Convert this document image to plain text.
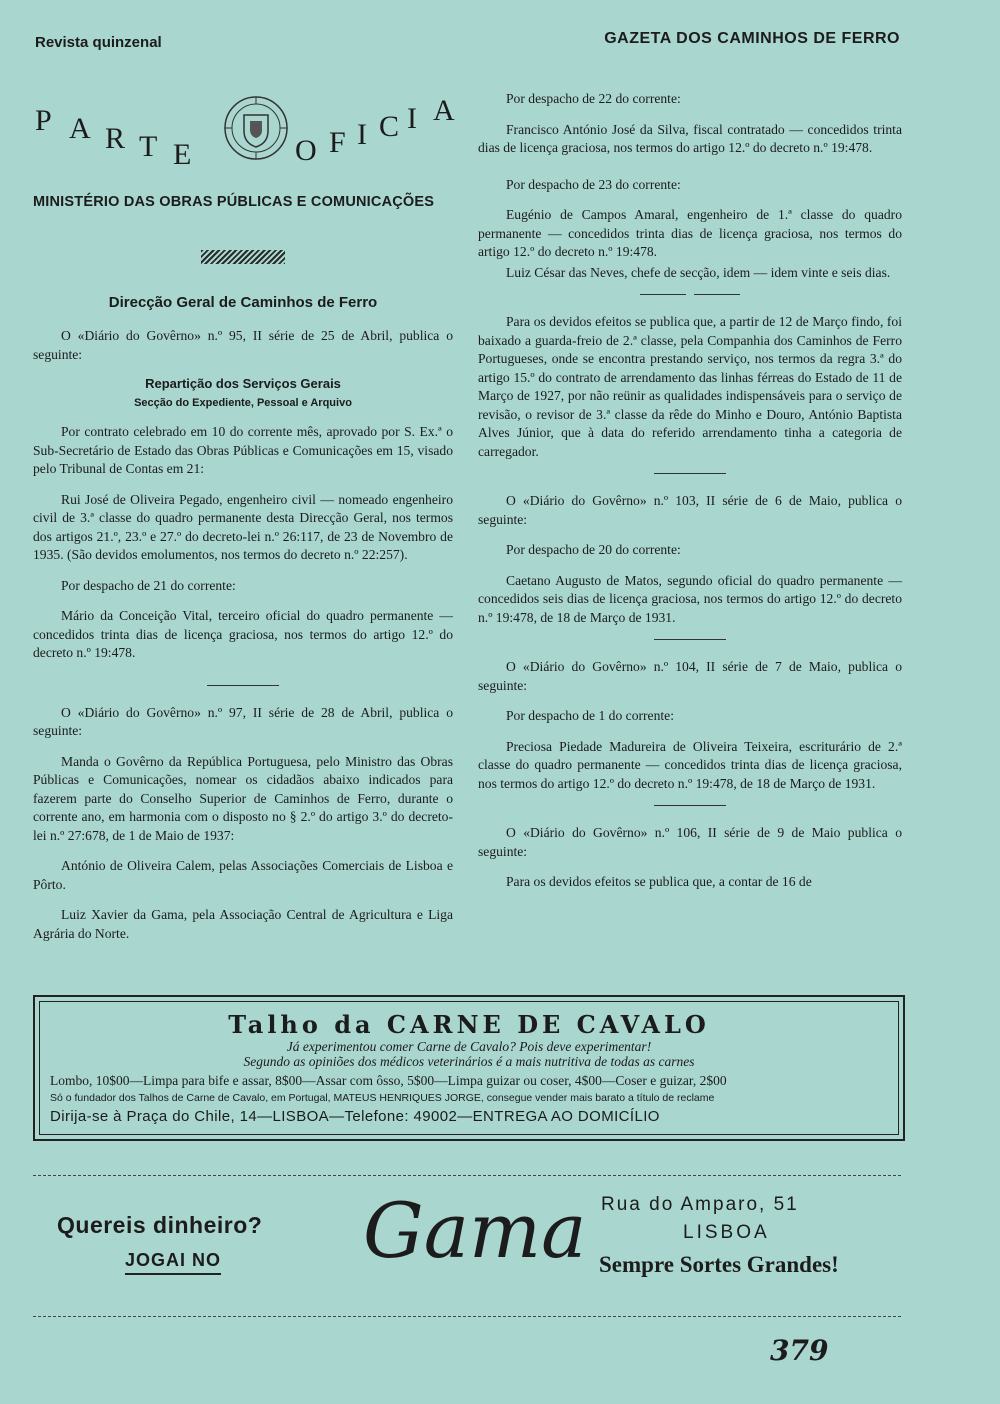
Revista quinzenal	GAZETA DOS CAMINHOS DE FERRO
P A R T E	O F I C I A
MINISTÉRIO DAS OBRAS PÚBLICAS E COMUNICAÇÕES
Direcção Geral de Caminhos de Ferro

O «Diário do Govêrno» n.º 95, II série de 25 de Abril, publica o seguinte:

Repartição dos Serviços Gerais
Secção do Expediente, Pessoal e Arquivo

Por contrato celebrado em 10 do corrente mês, aprovado por S. Ex.ª o Sub-Secretário de Estado das Obras Públicas e Comunicações em 15, visado pelo Tribunal de Contas em 21:

Rui José de Oliveira Pegado, engenheiro civil — nomeado engenheiro civil de 3.ª classe do quadro permanente desta Direcção Geral, nos termos dos artigos 21.º, 23.º e 27.º do decreto-lei n.º 26:117, de 23 de Novembro de 1935. (São devidos emolumentos, nos termos do decreto n.º 22:257).

Por despacho de 21 do corrente:

Mário da Conceição Vital, terceiro oficial do quadro permanente — concedidos trinta dias de licença graciosa, nos termos do artigo 12.º do decreto n.º 19:478.

O «Diário do Govêrno» n.º 97, II série de 28 de Abril, publica o seguinte:

Manda o Govêrno da República Portuguesa, pelo Ministro das Obras Públicas e Comunicações, nomear os cidadãos abaixo indicados para fazerem parte do Conselho Superior de Caminhos de Ferro, durante o corrente ano, em harmonia com o disposto no § 2.º do artigo 3.º do decreto-lei n.º 27:678, de 1 de Maio de 1937:

António de Oliveira Calem, pelas Associações Comerciais de Lisboa e Pôrto.

Luiz Xavier da Gama, pela Associação Central de Agricultura e Liga Agrária do Norte.

Por despacho de 22 do corrente:

Francisco António José da Silva, fiscal contratado — concedidos trinta dias de licença graciosa, nos termos do artigo 12.º do decreto n.º 19:478.

Por despacho de 23 do corrente:

Eugénio de Campos Amaral, engenheiro de 1.ª classe do quadro permanente — concedidos trinta dias de licença graciosa, nos termos do artigo 12.º do decreto n.º 19:478.

Luiz César das Neves, chefe de secção, idem — idem vinte e seis dias.

Para os devidos efeitos se publica que, a partir de 12 de Março findo, foi baixado a guarda-freio de 2.ª classe, pela Companhia dos Caminhos de Ferro Portugueses, onde se encontra prestando serviço, nos termos da regra 3.ª do artigo 15.º do contrato de arrendamento das linhas férreas do Estado de 11 de Março de 1927, por não reünir as qualidades indispensáveis para o serviço de revisão, o revisor de 3.ª classe da rêde do Minho e Douro, António Baptista Alves Júnior, que à data do referido arrendamento tinha a categoria de carregador.

O «Diário do Govêrno» n.º 103, II série de 6 de Maio, publica o seguinte:

Por despacho de 20 do corrente:

Caetano Augusto de Matos, segundo oficial do quadro permanente — concedidos seis dias de licença graciosa, nos termos do artigo 12.º do decreto n.º 19:478, de 18 de Março de 1931.

O «Diário do Govêrno» n.º 104, II série de 7 de Maio, publica o seguinte:

Por despacho de 1 do corrente:

Preciosa Piedade Madureira de Oliveira Teixeira, escriturário de 2.ª classe do quadro permanente — concedidos trinta dias de licença graciosa, nos termos do artigo 12.º do decreto n.º 19:478, de 18 de Março de 1931.

O «Diário do Govêrno» n.º 106, II série de 9 de Maio publica o seguinte:

Para os devidos efeitos se publica que, a contar de 16 de

Talho da CARNE DE CAVALO
Já experimentou comer Carne de Cavalo? Pois deve experimentar!
Segundo as opiniões dos médicos veterinários é a mais nutritiva de todas as carnes
Lombo, 10$00—Limpa para bife e assar, 8$00—Assar com ôsso, 5$00—Limpa guizar ou coser, 4$00—Coser e guizar, 2$00
Só o fundador dos Talhos de Carne de Cavalo, em Portugal, MATEUS HENRIQUES JORGE, consegue vender mais barato a título de reclame
Dirija-se à Praça do Chile, 14—LISBOA—Telefone: 49002—ENTREGA AO DOMICÍLIO
Quereis dinheiro?
JOGAI NO Gama Rua do Amparo, 51
LISBOA
Sempre Sortes Grandes!
379
